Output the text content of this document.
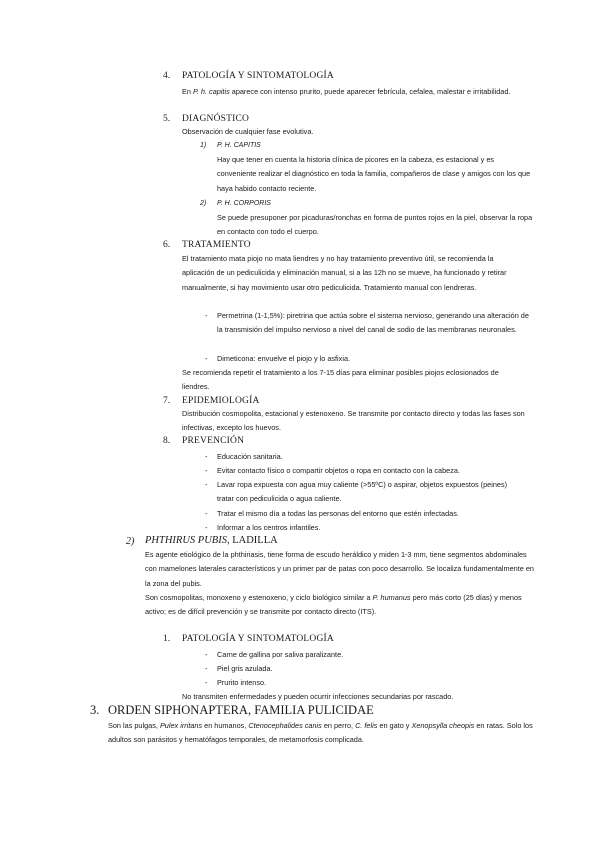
4. PATOLOGÍA Y SINTOMATOLOGÍA
En P. h. capitis aparece con intenso prurito, puede aparecer febrícula, cefalea, malestar e irritabilidad.
5. DIAGNÓSTICO
Observación de cualquier fase evolutiva.
1) P. H. CAPITIS
Hay que tener en cuenta la historia clínica de picores en la cabeza, es estacional y es conveniente realizar el diagnóstico en toda la familia, compañeros de clase y amigos con los que haya habido contacto reciente.
2) P. H. CORPORIS
Se puede presuponer por picaduras/ronchas en forma de puntos rojos en la piel, observar la ropa en contacto con todo el cuerpo.
6. TRATAMIENTO
El tratamiento mata piojo no mata liendres y no hay tratamiento preventivo útil, se recomienda la aplicación de un pediculicida y eliminación manual, si a las 12h no se mueve, ha funcionado y retirar manualmente, si hay movimiento usar otro pediculicida. Tratamiento manual con lendreras.
- Permetrina (1-1,5%): piretrina que actúa sobre el sistema nervioso, generando una alteración de la transmisión del impulso nervioso a nivel del canal de sodio de las membranas neuronales.
- Dimeticona: envuelve el piojo y lo asfixia.
Se recomienda repetir el tratamiento a los 7-15 días para eliminar posibles piojos eclosionados de liendres.
7. EPIDEMIOLOGÍA
Distribución cosmopolita, estacional y estenoxeno. Se transmite por contacto directo y todas las fases son infectivas, excepto los huevos.
8. PREVENCIÓN
- Educación sanitaria.
- Evitar contacto físico o compartir objetos o ropa en contacto con la cabeza.
- Lavar ropa expuesta con agua muy caliente (>55ºC) o aspirar, objetos expuestos (peines) tratar con pediculicida o agua caliente.
- Tratar el mismo día a todas las personas del entorno que estén infectadas.
- Informar a los centros infantiles.
2) PHTHIRUS PUBIS, LADILLA
Es agente etiológico de la phthiriasis, tiene forma de escudo heráldico y miden 1-3 mm, tiene segmentos abdominales con mamelones laterales característicos y un primer par de patas con poco desarrollo. Se localiza fundamentalmente en la zona del pubis.
Son cosmopolitas, monoxeno y estenoxeno, y ciclo biológico similar a P. humanus pero más corto (25 días) y menos activo; es de difícil prevención y se transmite por contacto directo (ITS).
1. PATOLOGÍA Y SINTOMATOLOGÍA
- Carne de gallina por saliva paralizante.
- Piel gris azulada.
- Prurito intenso.
No transmiten enfermedades y pueden ocurrir infecciones secundarias por rascado.
3. ORDEN SIPHONAPTERA, FAMILIA PULICIDAE
Son las pulgas, Pulex irritans en humanos, Ctenocephalides canis en perro, C. felis en gato y Xenopsylla cheopis en ratas. Solo los adultos son parásitos y hematófagos temporales, de metamorfosis complicada.
